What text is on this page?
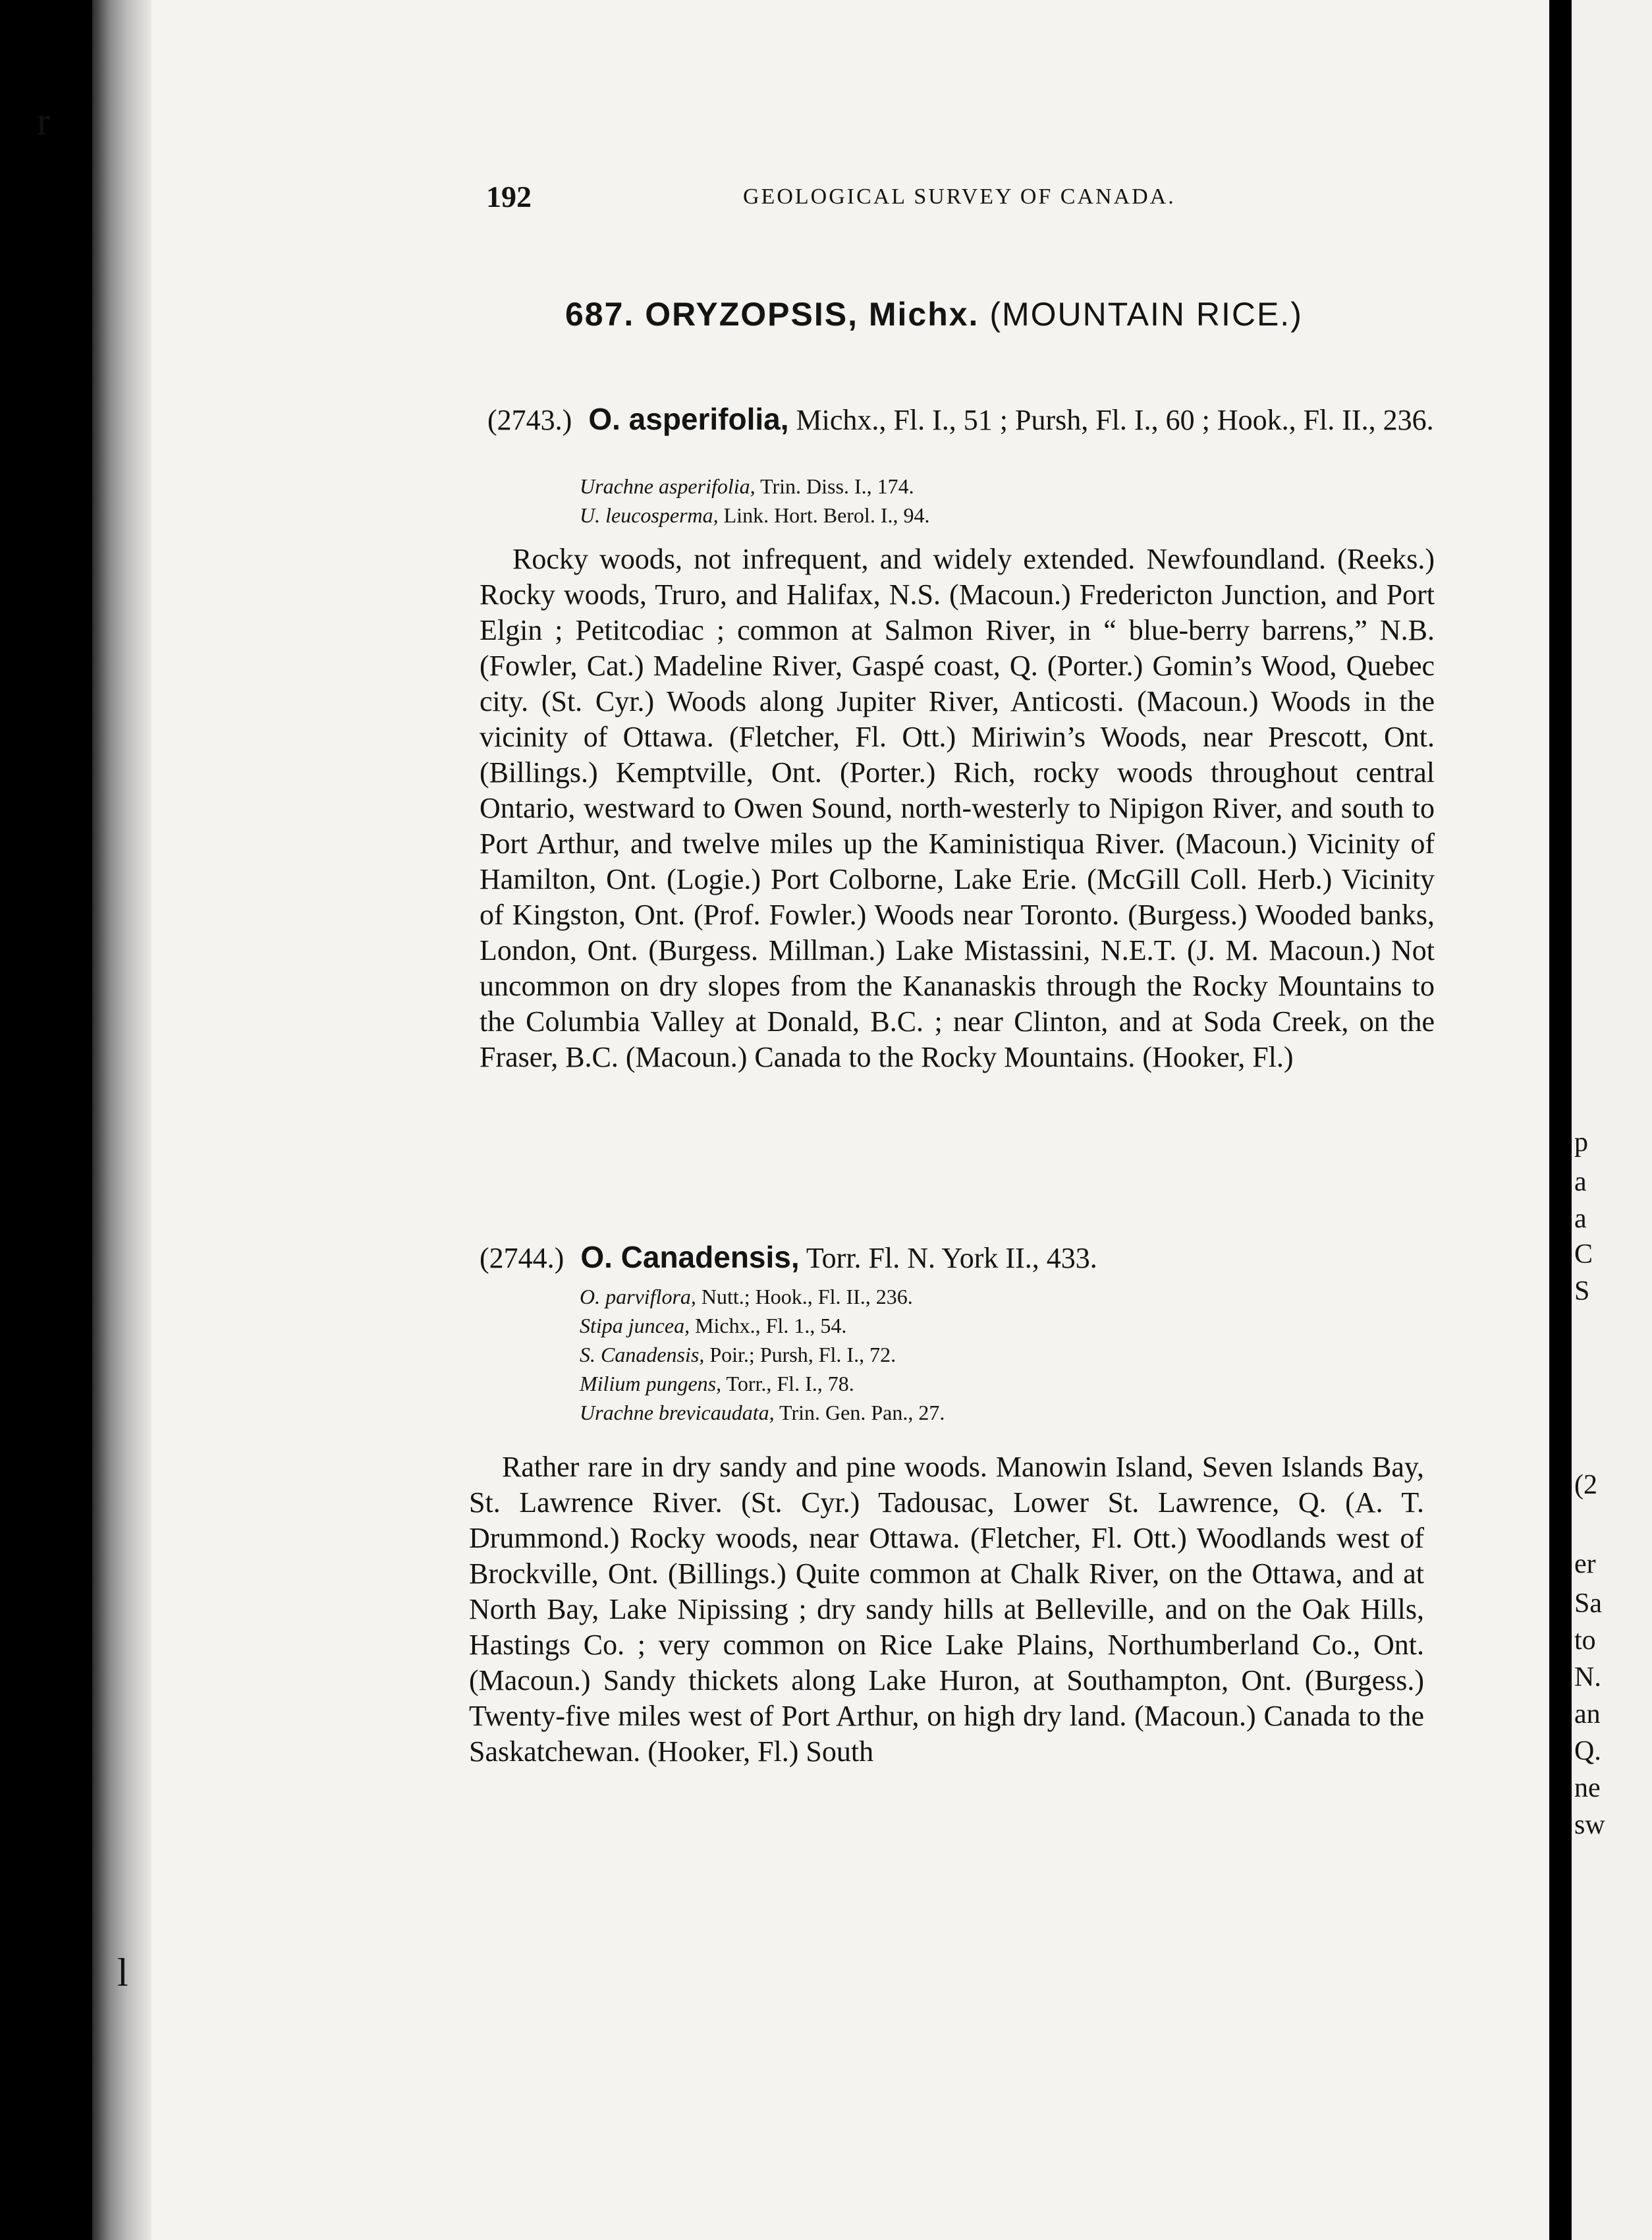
r
l
192	GEOLOGICAL SURVEY OF CANADA.
687. ORYZOPSIS, Michx. (MOUNTAIN RICE.)
(2743.) O. asperifolia, Michx., Fl. I., 51 ; Pursh, Fl. I., 60 ; Hook., Fl. II., 236.
Urachne asperifolia, Trin. Diss. I., 174.
U. leucosperma, Link. Hort. Berol. I., 94.

Rocky woods, not infrequent, and widely extended. Newfoundland. (Reeks.) Rocky woods, Truro, and Halifax, N.S. (Macoun.) Fredericton Junction, and Port Elgin ; Petitcodiac ; common at Salmon River, in “ blue-berry barrens,” N.B. (Fowler, Cat.) Madeline River, Gaspé coast, Q. (Porter.) Gomin’s Wood, Quebec city. (St. Cyr.) Woods along Jupiter River, Anticosti. (Macoun.) Woods in the vicinity of Ottawa. (Fletcher, Fl. Ott.) Miriwin’s Woods, near Prescott, Ont. (Billings.) Kemptville, Ont. (Porter.) Rich, rocky woods throughout central Ontario, westward to Owen Sound, north-westerly to Nipigon River, and south to Port Arthur, and twelve miles up the Kaministiqua River. (Macoun.) Vicinity of Hamilton, Ont. (Logie.) Port Colborne, Lake Erie. (McGill Coll. Herb.) Vicinity of Kingston, Ont. (Prof. Fowler.) Woods near Toronto. (Burgess.) Wooded banks, London, Ont. (Burgess. Millman.) Lake Mistassini, N.E.T. (J. M. Macoun.) Not uncommon on dry slopes from the Kananaskis through the Rocky Mountains to the Columbia Valley at Donald, B.C. ; near Clinton, and at Soda Creek, on the Fraser, B.C. (Macoun.) Canada to the Rocky Mountains. (Hooker, Fl.)

(2744.) O. Canadensis, Torr. Fl. N. York II., 433.
O. parviflora, Nutt.; Hook., Fl. II., 236.
Stipa juncea, Michx., Fl. 1., 54.
S. Canadensis, Poir.; Pursh, Fl. I., 72.
Milium pungens, Torr., Fl. I., 78.
Urachne brevicaudata, Trin. Gen. Pan., 27.

Rather rare in dry sandy and pine woods. Manowin Island, Seven Islands Bay, St. Lawrence River. (St. Cyr.) Tadousac, Lower St. Lawrence, Q. (A. T. Drummond.) Rocky woods, near Ottawa. (Fletcher, Fl. Ott.) Woodlands west of Brockville, Ont. (Billings.) Quite common at Chalk River, on the Ottawa, and at North Bay, Lake Nipissing ; dry sandy hills at Belleville, and on the Oak Hills, Hastings Co. ; very common on Rice Lake Plains, Northumberland Co., Ont. (Macoun.) Sandy thickets along Lake Huron, at Southampton, Ont. (Burgess.) Twenty-five miles west of Port Arthur, on high dry land. (Macoun.) Canada to the Saskatchewan. (Hooker, Fl.) South

p
a
a
C
S
(2
er
Sa
to
N.
an
Q.
ne
sw
